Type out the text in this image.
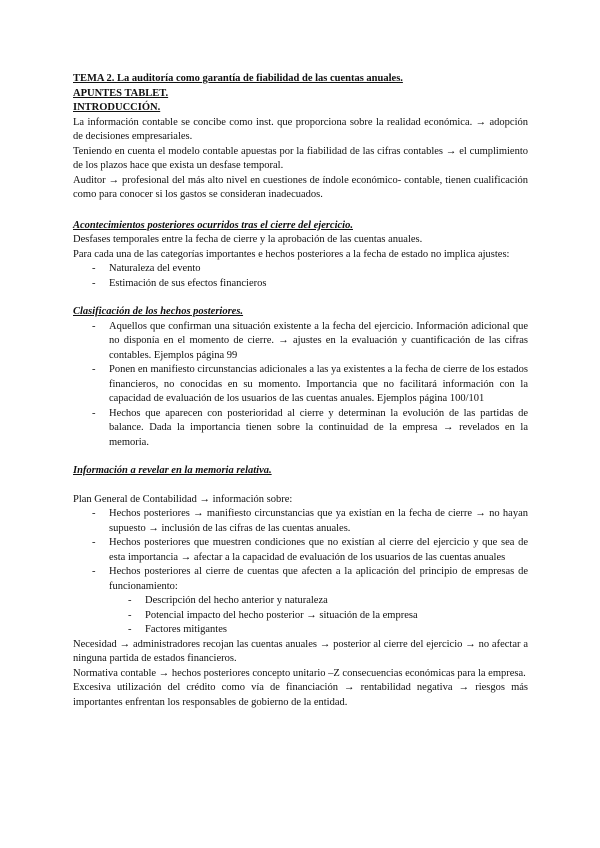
TEMA 2. La auditoría como garantía de fiabilidad de las cuentas anuales.

APUNTES TABLET.

INTRODUCCIÓN.

La información contable se concibe como inst. que proporciona sobre la realidad económica. → adopción de decisiones empresariales.

Teniendo en cuenta el modelo contable apuestas por la fiabilidad de las cifras contables → el cumplimiento de los plazos hace que exista un desfase temporal.

Auditor → profesional del más alto nivel en cuestiones de índole económico- contable, tienen cualificación como para conocer si los gastos se consideran inadecuados.

Acontecimientos posteriores ocurridos tras el cierre del ejercicio.

Desfases temporales entre la fecha de cierre y la aprobación de las cuentas anuales.

Para cada una de las categorías importantes e hechos posteriores a la fecha de estado no implica ajustes:

- Naturaleza del evento
- Estimación de sus efectos financieros

Clasificación de los hechos posteriores.

- Aquellos que confirman una situación existente a la fecha del ejercicio. Información adicional que no disponía en el momento de cierre. → ajustes en la evaluación y cuantificación de las cifras contables. Ejemplos página 99
- Ponen en manifiesto circunstancias adicionales a las ya existentes a la fecha de cierre de los estados financieros, no conocidas en su momento. Importancia que no facilitará información con la capacidad de evaluación de los usuarios de las cuentas anuales. Ejemplos página 100/101
- Hechos que aparecen con posterioridad al cierre y determinan la evolución de las partidas de balance. Dada la importancia tienen sobre la continuidad de la empresa → revelados en la memoria.

Información a revelar en la memoria relativa.

Plan General de Contabilidad → información sobre:

- Hechos posteriores → manifiesto circunstancias que ya existían en la fecha de cierre → no hayan supuesto → inclusión de las cifras de las cuentas anuales.
- Hechos posteriores que muestren condiciones que no existían al cierre del ejercicio y que sea de esta importancia → afectar a la capacidad de evaluación de los usuarios de las cuentas anuales
- Hechos posteriores al cierre de cuentas que afecten a la aplicación del principio de empresas de funcionamiento:
- Descripción del hecho anterior y naturaleza
- Potencial impacto del hecho posterior → situación de la empresa
- Factores mitigantes

Necesidad → administradores recojan las cuentas anuales → posterior al cierre del ejercicio → no afectar a ninguna partida de estados financieros.

Normativa contable → hechos posteriores concepto unitario –Z consecuencias económicas para la empresa.

Excesiva utilización del crédito como vía de financiación → rentabilidad negativa → riesgos más importantes enfrentan los responsables de gobierno de la entidad.
